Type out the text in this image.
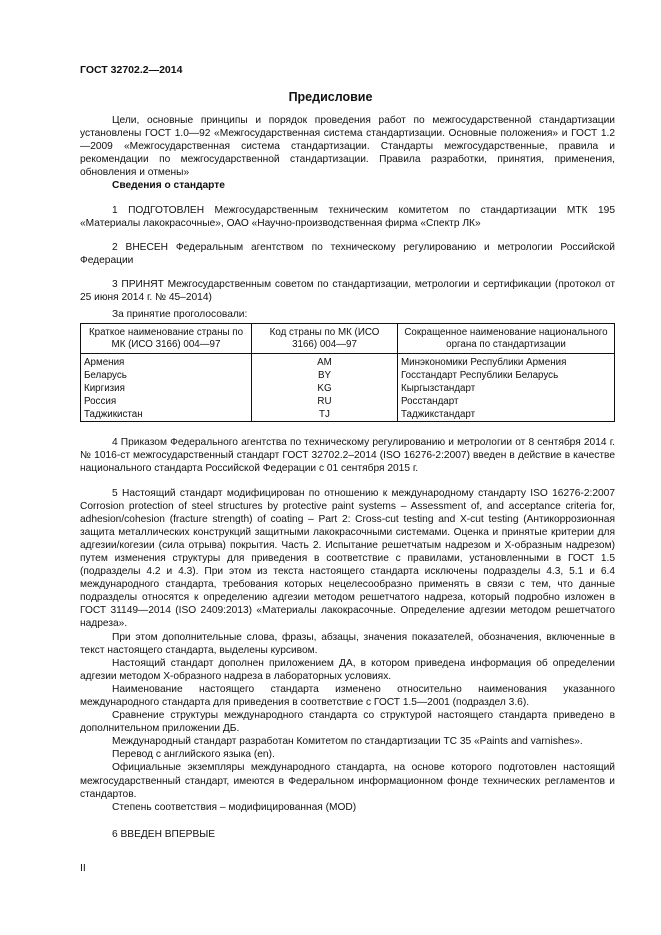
ГОСТ 32702.2—2014
Предисловие

Цели, основные принципы и порядок проведения работ по межгосударственной стандартизации установлены ГОСТ 1.0—92 «Межгосударственная система стандартизации. Основные положения» и ГОСТ 1.2—2009 «Межгосударственная система стандартизации. Стандарты межгосударственные, правила и рекомендации по межгосударственной стандартизации. Правила разработки, принятия, применения, обновления и отмены»

Сведения о стандарте

1 ПОДГОТОВЛЕН Межгосударственным техническим комитетом по стандартизации МТК 195 «Материалы лакокрасочные», ОАО «Научно-производственная фирма «Спектр ЛК»

2 ВНЕСЕН Федеральным агентством по техническому регулированию и метрологии Российской Федерации

3 ПРИНЯТ Межгосударственным советом по стандартизации, метрологии и сертификации (протокол от 25 июня 2014 г. № 45–2014)

За принятие проголосовали:
Краткое наименование страны по МК (ИСО 3166) 004—97	Код страны по МК (ИСО 3166) 004—97	Сокращенное наименование национального органа по стандартизации
Армения	AM	Минэкономики Республики Армения
Беларусь	BY	Госстандарт Республики Беларусь
Киргизия	KG	Кыргызстандарт
Россия	RU	Росстандарт
Таджикистан	TJ	Таджикстандарт

4 Приказом Федерального агентства по техническому регулированию и метрологии от 8 сентября 2014 г. № 1016-ст межгосударственный стандарт ГОСТ 32702.2–2014 (ISO 16276-2:2007) введен в действие в качестве национального стандарта Российской Федерации с 01 сентября 2015 г.

5 Настоящий стандарт модифицирован по отношению к международному стандарту ISO 16276-2:2007 Corrosion protection of steel structures by protective paint systems – Assessment of, and acceptance criteria for, adhesion/cohesion (fracture strength) of coating – Part 2: Cross-cut testing and X-cut testing (Антикоррозионная защита металлических конструкций защитными лакокрасочными системами. Оценка и принятые критерии для адгезии/когезии (сила отрыва) покрытия. Часть 2. Испытание решетчатым надрезом и Х-образным надрезом) путем изменения структуры для приведения в соответствие с правилами, установленными в ГОСТ 1.5 (подразделы 4.2 и 4.3). При этом из текста настоящего стандарта исключены подразделы 4.3, 5.1 и 6.4 международного стандарта, требования которых нецелесообразно применять в связи с тем, что данные подразделы относятся к определению адгезии методом решетчатого надреза, который подробно изложен в ГОСТ 31149—2014 (ISO 2409:2013) «Материалы лакокрасочные. Определение адгезии методом решетчатого надреза».

При этом дополнительные слова, фразы, абзацы, значения показателей, обозначения, включенные в текст настоящего стандарта, выделены курсивом.

Настоящий стандарт дополнен приложением ДА, в котором приведена информация об определении адгезии методом Х-образного надреза в лабораторных условиях.

Наименование настоящего стандарта изменено относительно наименования указанного международного стандарта для приведения в соответствие с ГОСТ 1.5—2001 (подраздел 3.6).

Сравнение структуры международного стандарта со структурой настоящего стандарта приведено в дополнительном приложении ДБ.

Международный стандарт разработан Комитетом по стандартизации ТС 35 «Paints and varnishes».

Перевод с английского языка (en).

Официальные экземпляры международного стандарта, на основе которого подготовлен настоящий межгосударственный стандарт, имеются в Федеральном информационном фонде технических регламентов и стандартов.

Степень соответствия – модифицированная (MOD)

6 ВВЕДЕН ВПЕРВЫЕ

II
